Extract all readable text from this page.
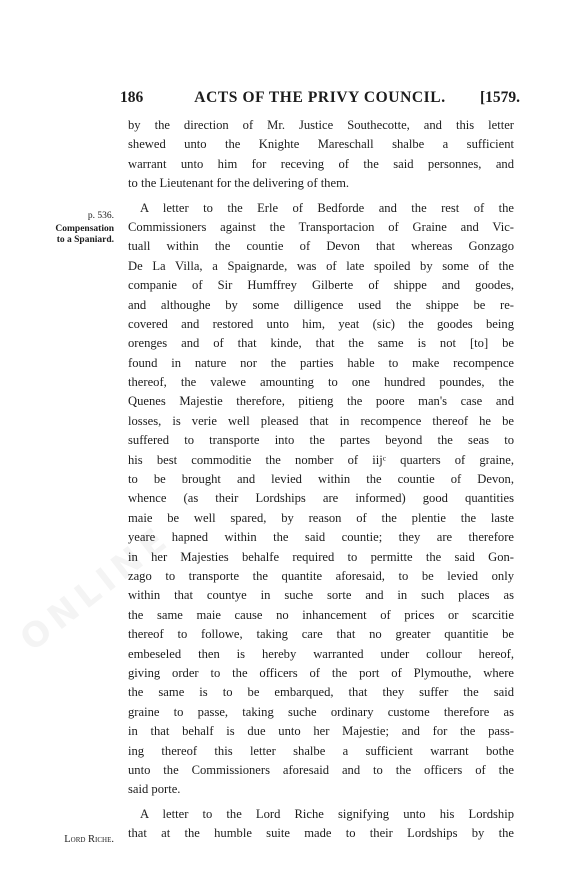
186	ACTS OF THE PRIVY COUNCIL.	[1579.
ONLINE
p. 536.
Compensation
to a Spaniard.
Lord Riche.
by the direction of Mr. Justice Southecotte, and this letter
shewed unto the Knighte Mareschall shalbe a sufficient
warrant unto him for receving of the said personnes, and
to the Lieutenant for the delivering of them.
A letter to the Erle of Bedforde and the rest of the
Commissioners against the Transportacion of Graine and Vic-
tuall within the countie of Devon that whereas Gonzago
De La Villa, a Spaignarde, was of late spoiled by some of the
companie of Sir Humffrey Gilberte of shippe and goodes,
and althoughe by some dilligence used the shippe be re-
covered and restored unto him, yeat (sic) the goodes being
orenges and of that kinde, that the same is not [to] be
found in nature nor the parties hable to make recompence
thereof, the valewe amounting to one hundred poundes, the
Quenes Majestie therefore, pitieng the poore man's case and
losses, is verie well pleased that in recompence thereof he be
suffered to transporte into the partes beyond the seas to
his best commoditie the nomber of iijᶜ quarters of graine,
to be brought and levied within the countie of Devon,
whence (as their Lordships are informed) good quantities
maie be well spared, by reason of the plentie the laste
yeare hapned within the said countie; they are therefore
in her Majesties behalfe required to permitte the said Gon-
zago to transporte the quantite aforesaid, to be levied only
within that countye in suche sorte and in such places as
the same maie cause no inhancement of prices or scarcitie
thereof to followe, taking care that no greater quantitie be
embeseled then is hereby warranted under collour hereof,
giving order to the officers of the port of Plymouthe, where
the same is to be embarqued, that they suffer the said
graine to passe, taking suche ordinary custome therefore as
in that behalf is due unto her Majestie; and for the pass-
ing thereof this letter shalbe a sufficient warrant bothe
unto the Commissioners aforesaid and to the officers of the
said porte.
A letter to the Lord Riche signifying unto his Lordship
that at the humble suite made to their Lordships by the
